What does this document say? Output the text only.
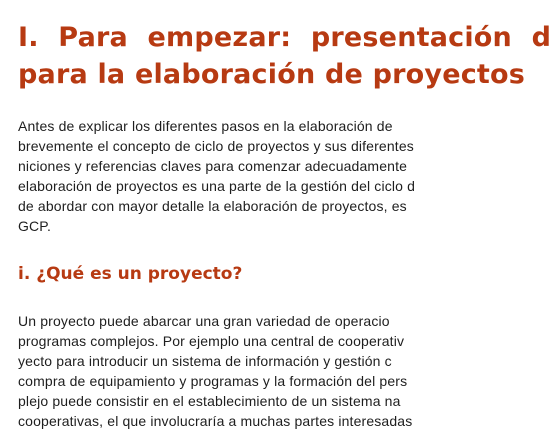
I. Para empezar: presentación d
para la elaboración de proyectos
Antes de explicar los diferentes pasos en la elaboración de
brevemente el concepto de ciclo de proyectos y sus diferentes
niciones y referencias claves para comenzar adecuadamente
elaboración de proyectos es una parte de la gestión del ciclo d
de abordar con mayor detalle la elaboración de proyectos, es
GCP.
i. ¿Qué es un proyecto?
Un proyecto puede abarcar una gran variedad de operacio
programas complejos. Por ejemplo una central de cooperativ
yecto para introducir un sistema de información y gestión c
compra de equipamiento y programas y la formación del pers
plejo puede consistir en el establecimiento de un sistema na
cooperativas, el que involucraría a muchas partes interesadas
